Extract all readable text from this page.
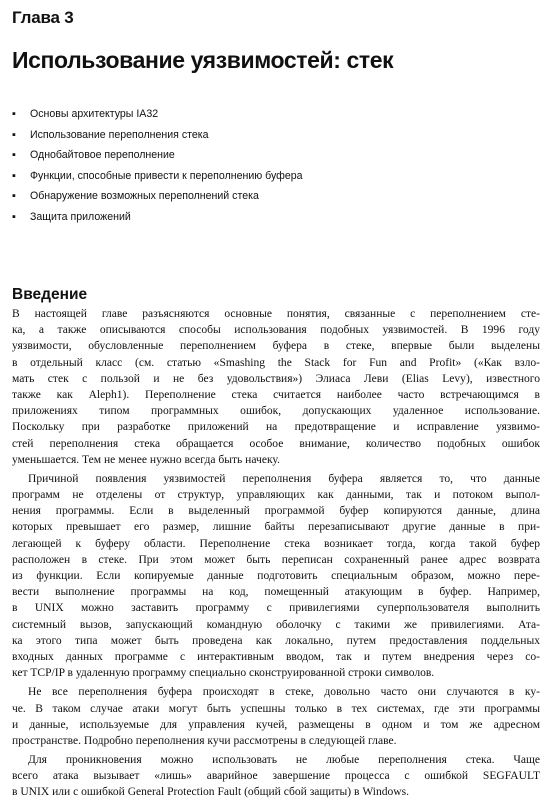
Глава 3
Использование уязвимостей: стек
▪ Основы архитектуры IA32
▪ Использование переполнения стека
▪ Однобайтовое переполнение
▪ Функции, способные привести к переполнению буфера
▪ Обнаружение возможных переполнений стека
▪ Защита приложений
Введение
В настоящей главе разъясняются основные понятия, связанные с переполнением сте-
ка, а также описываются способы использования подобных уязвимостей. В 1996 году
уязвимости, обусловленные переполнением буфера в стеке, впервые были выделены
в отдельный класс (см. статью «Smashing the Stack for Fun and Profit» («Как взло-
мать стек с пользой и не без удовольствия») Элиаса Леви (Elias Levy), известного
также как Aleph1). Переполнение стека считается наиболее часто встречающимся в
приложениях типом программных ошибок, допускающих удаленное использование.
Поскольку при разработке приложений на предотвращение и исправление уязвимо-
стей переполнения стека обращается особое внимание, количество подобных ошибок
уменьшается. Тем не менее нужно всегда быть начеку.
Причиной появления уязвимостей переполнения буфера является то, что данные
программ не отделены от структур, управляющих как данными, так и потоком выпол-
нения программы. Если в выделенный программой буфер копируются данные, длина
которых превышает его размер, лишние байты перезаписывают другие данные в при-
легающей к буферу области. Переполнение стека возникает тогда, когда такой буфер
расположен в стеке. При этом может быть переписан сохраненный ранее адрес возврата
из функции. Если копируемые данные подготовить специальным образом, можно пере-
вести выполнение программы на код, помещенный атакующим в буфер. Например,
в UNIX можно заставить программу с привилегиями суперпользователя выполнить
системный вызов, запускающий командную оболочку с такими же привилегиями. Ата-
ка этого типа может быть проведена как локально, путем предоставления поддельных
входных данных программе с интерактивным вводом, так и путем внедрения через со-
кет TCP/IP в удаленную программу специально сконструированной строки символов.
Не все переполнения буфера происходят в стеке, довольно часто они случаются в ку-
че. В таком случае атаки могут быть успешны только в тех системах, где эти программы
и данные, используемые для управления кучей, размещены в одном и том же адресном
пространстве. Подробно переполнения кучи рассмотрены в следующей главе.
Для проникновения можно использовать не любые переполнения стека. Чаще
всего атака вызывает «лишь» аварийное завершение процесса с ошибкой SEGFAULT
в UNIX или с ошибкой General Protection Fault (общий сбой защиты) в Windows.
